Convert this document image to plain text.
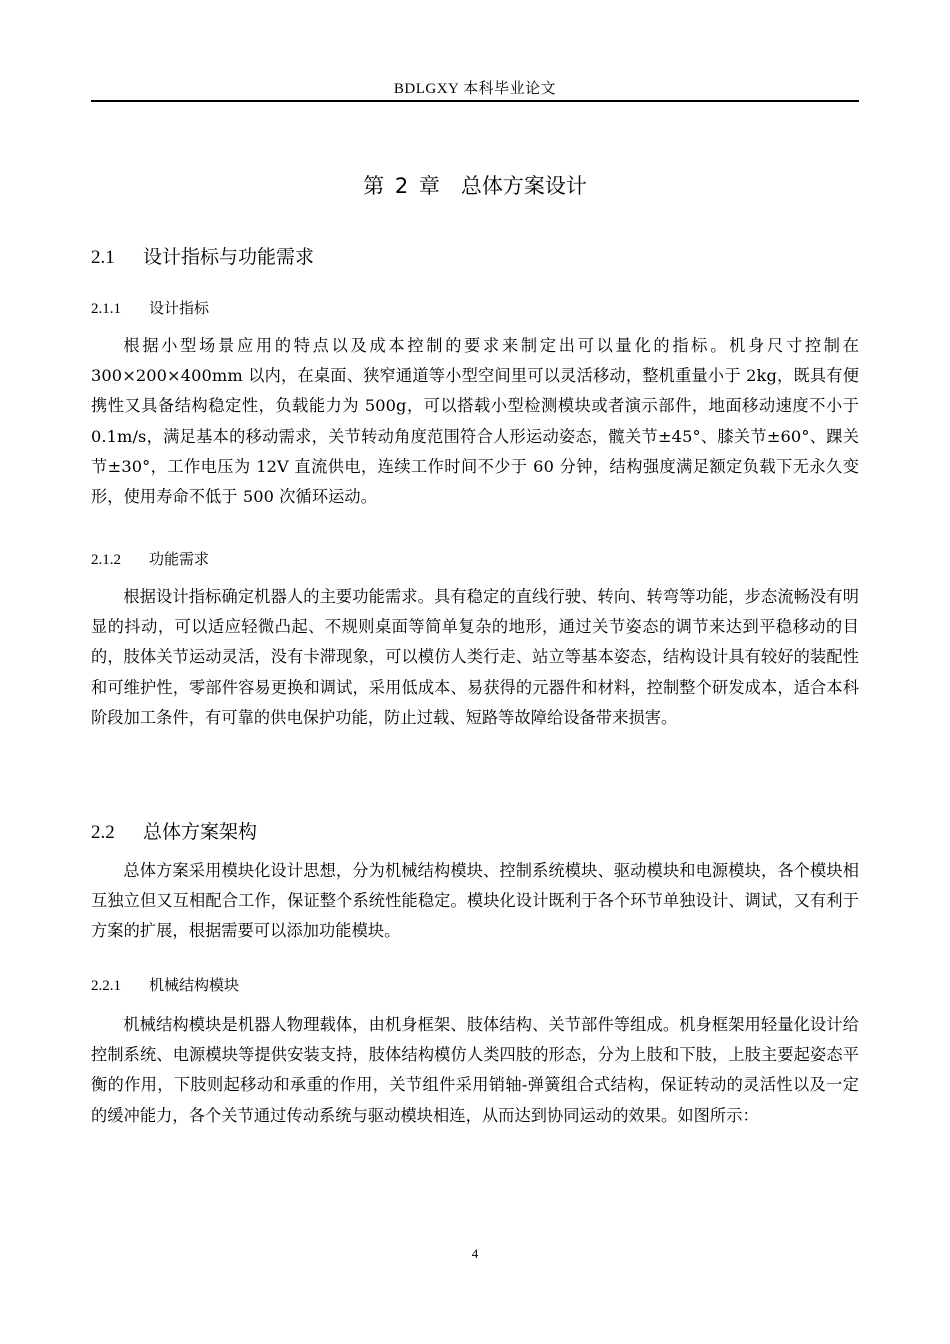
BDLGXY 本科毕业论文
第 2 章　总体方案设计
2.1 设计指标与功能需求
2.1.1 设计指标

根据小型场景应用的特点以及成本控制的要求来制定出可以量化的指标。机身尺寸控制在 300×200×400mm 以内，在桌面、狭窄通道等小型空间里可以灵活移动，整机重量小于 2kg，既具有便携性又具备结构稳定性，负载能力为 500g，可以搭载小型检测模块或者演示部件，地面移动速度不小于 0.1m/s，满足基本的移动需求，关节转动角度范围符合人形运动姿态，髋关节±45°、膝关节±60°、踝关节±30°，工作电压为 12V 直流供电，连续工作时间不少于 60 分钟，结构强度满足额定负载下无永久变形，使用寿命不低于 500 次循环运动。

2.1.2 功能需求

根据设计指标确定机器人的主要功能需求。具有稳定的直线行驶、转向、转弯等功能，步态流畅没有明显的抖动，可以适应轻微凸起、不规则桌面等简单复杂的地形，通过关节姿态的调节来达到平稳移动的目的，肢体关节运动灵活，没有卡滞现象，可以模仿人类行走、站立等基本姿态，结构设计具有较好的装配性和可维护性，零部件容易更换和调试，采用低成本、易获得的元器件和材料，控制整个研发成本，适合本科阶段加工条件，有可靠的供电保护功能，防止过载、短路等故障给设备带来损害。

2.2 总体方案架构

总体方案采用模块化设计思想，分为机械结构模块、控制系统模块、驱动模块和电源模块，各个模块相互独立但又互相配合工作，保证整个系统性能稳定。模块化设计既利于各个环节单独设计、调试，又有利于方案的扩展，根据需要可以添加功能模块。

2.2.1 机械结构模块

机械结构模块是机器人物理载体，由机身框架、肢体结构、关节部件等组成。机身框架用轻量化设计给控制系统、电源模块等提供安装支持，肢体结构模仿人类四肢的形态，分为上肢和下肢，上肢主要起姿态平衡的作用，下肢则起移动和承重的作用，关节组件采用销轴-弹簧组合式结构，保证转动的灵活性以及一定的缓冲能力，各个关节通过传动系统与驱动模块相连，从而达到协同运动的效果。如图所示：

4
